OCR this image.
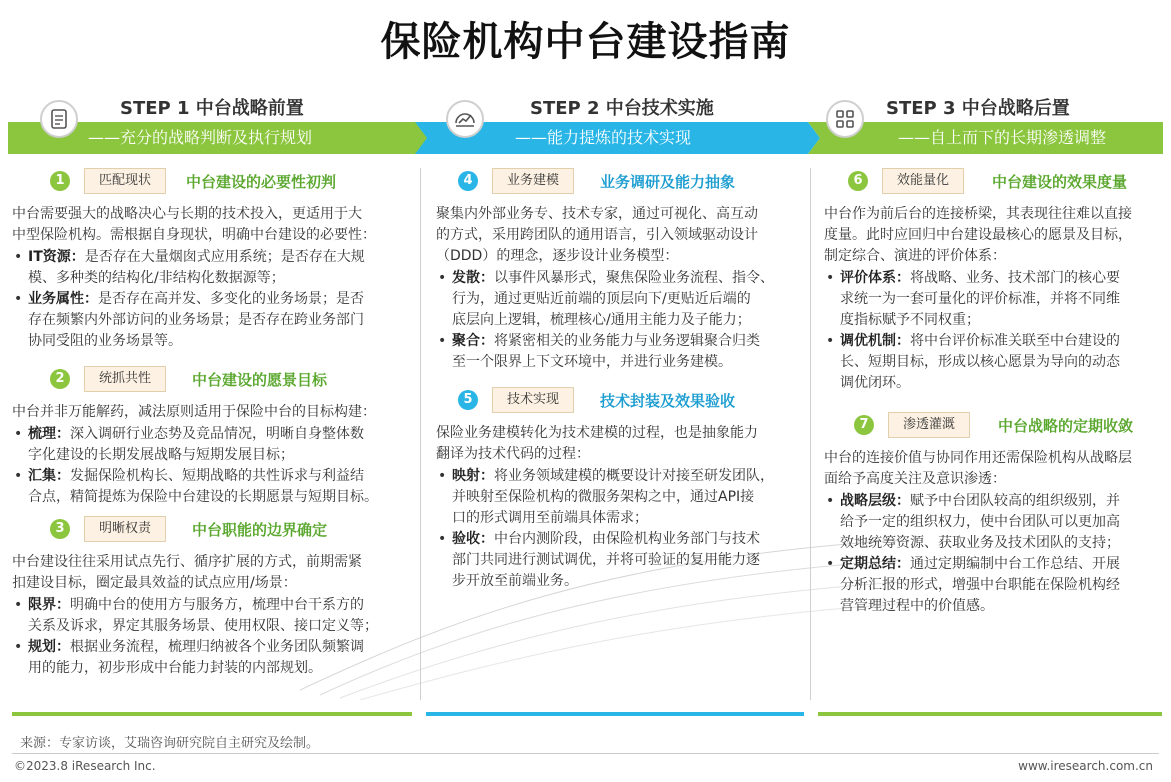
保险机构中台建设指南
STEP 1 中台战略前置	STEP 2 中台技术实施	STEP 3 中台战略后置
——充分的战略判断及执行规划	——能力提炼的技术实现	——自上而下的长期渗透调整
1	匹配现状	中台建设的必要性初判
中台需要强大的战略决心与长期的技术投入，更适用于大
中型保险机构。需根据自身现状，明确中台建设的必要性：
• IT资源：是否存在大量烟囱式应用系统；是否存在大规
模、多种类的结构化/非结构化数据源等；
• 业务属性：是否存在高并发、多变化的业务场景；是否
存在频繁内外部访问的业务场景；是否存在跨业务部门
协同受阻的业务场景等。
2	统抓共性	中台建设的愿景目标
中台并非万能解药，减法原则适用于保险中台的目标构建：
• 梳理：深入调研行业态势及竞品情况，明晰自身整体数
字化建设的长期发展战略与短期发展目标；
• 汇集：发掘保险机构长、短期战略的共性诉求与利益结
合点，精简提炼为保险中台建设的长期愿景与短期目标。
3	明晰权责	中台职能的边界确定
中台建设往往采用试点先行、循序扩展的方式，前期需紧
扣建设目标，圈定最具效益的试点应用/场景：
• 限界：明确中台的使用方与服务方，梳理中台干系方的
关系及诉求，界定其服务场景、使用权限、接口定义等；
• 规划：根据业务流程，梳理归纳被各个业务团队频繁调
用的能力，初步形成中台能力封装的内部规划。
4	业务建模	业务调研及能力抽象
聚集内外部业务专、技术专家，通过可视化、高互动
的方式，采用跨团队的通用语言，引入领域驱动设计
（DDD）的理念，逐步设计业务模型：
• 发散：以事件风暴形式，聚焦保险业务流程、指令、
行为，通过更贴近前端的顶层向下/更贴近后端的
底层向上逻辑，梳理核心/通用主能力及子能力；
• 聚合：将紧密相关的业务能力与业务逻辑聚合归类
至一个限界上下文环境中，并进行业务建模。
5	技术实现	技术封装及效果验收
保险业务建模转化为技术建模的过程，也是抽象能力
翻译为技术代码的过程：
• 映射：将业务领域建模的概要设计对接至研发团队，
并映射至保险机构的微服务架构之中，通过API接
口的形式调用至前端具体需求；
• 验收：中台内测阶段，由保险机构业务部门与技术
部门共同进行测试调优，并将可验证的复用能力逐
步开放至前端业务。
6	效能量化	中台建设的效果度量
中台作为前后台的连接桥梁，其表现往往难以直接
度量。此时应回归中台建设最核心的愿景及目标，
制定综合、演进的评价体系：
• 评价体系：将战略、业务、技术部门的核心要
求统一为一套可量化的评价标准，并将不同维
度指标赋予不同权重；
• 调优机制：将中台评价标准关联至中台建设的
长、短期目标，形成以核心愿景为导向的动态
调优闭环。
7	渗透灌溉	中台战略的定期收敛
中台的连接价值与协同作用还需保险机构从战略层
面给予高度关注及意识渗透：
• 战略层级：赋予中台团队较高的组织级别，并
给予一定的组织权力，使中台团队可以更加高
效地统筹资源、获取业务及技术团队的支持；
• 定期总结：通过定期编制中台工作总结、开展
分析汇报的形式，增强中台职能在保险机构经
营管理过程中的价值感。
来源：专家访谈，艾瑞咨询研究院自主研究及绘制。
©2023.8 iResearch Inc.	www.iresearch.com.cn
